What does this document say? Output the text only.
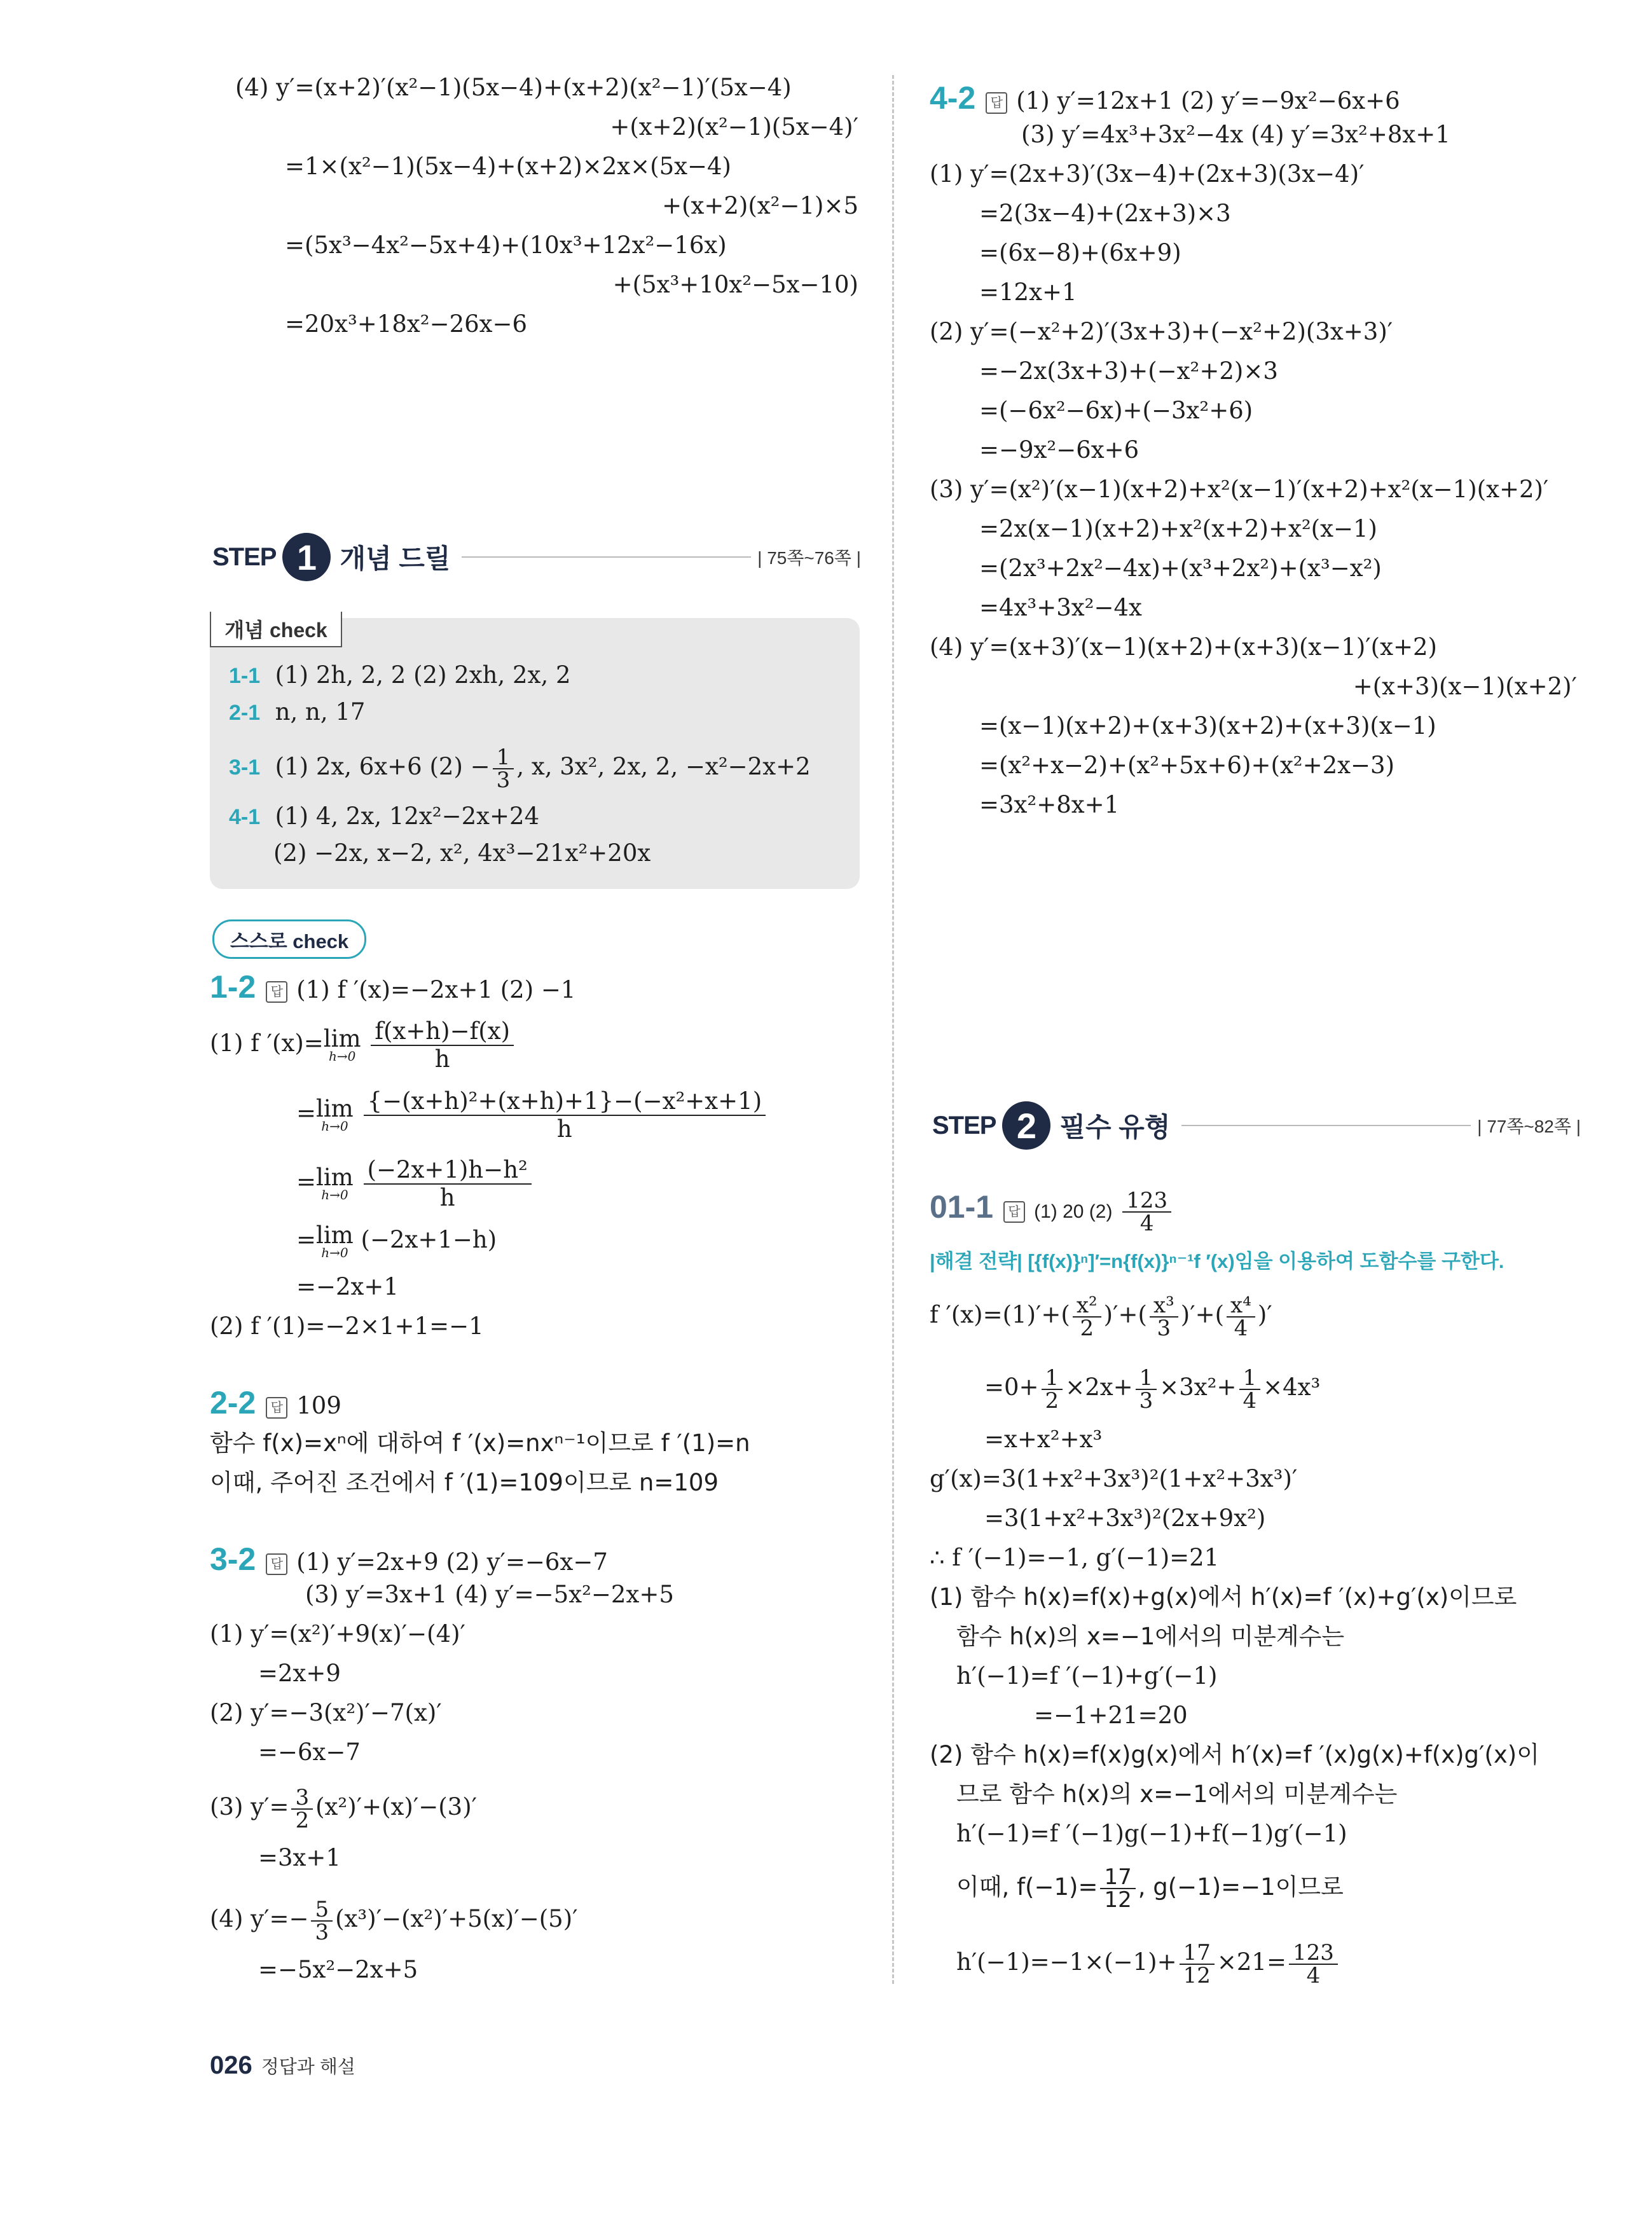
(4) y′=(x+2)′(x²−1)(5x−4)+(x+2)(x²−1)′(5x−4)
+(x+2)(x²−1)(5x−4)′
=1×(x²−1)(5x−4)+(x+2)×2x×(5x−4)
+(x+2)(x²−1)×5
=(5x³−4x²−5x+4)+(10x³+12x²−16x)
+(5x³+10x²−5x−10)
=20x³+18x²−26x−6
STEP 1 개념 드릴	| 75쪽~76쪽 |
개념 check
1-1 (1) 2h, 2, 2 (2) 2xh, 2x, 2
2-1 n, n, 17
3-1 (1) 2x, 6x+6 $(2) - \frac{1}{3}$ , x, 3x², 2x, 2, −x²−2x+2
4-1 (1) 4, 2x, 12x²−2x+24
(2) −2x, x−2, x², 4x³−21x²+20x
스스로 check
1-2 답 (1) f ′(x)=−2x+1 (2) −1
(1) f ′(x)= lim
h→0
$\frac{f(x+h)-f(x)}{h}$
= lim
h→0
$\frac{\text{\{−(x+h)²+(x+h)+1\}−(−x²+x+1)}}{h}$
= lim
h→0
$\frac{\text{(−2x+1)h−h²}}{h}$
= lim
h→0 (−2x+1−h)
=−2x+1
(2) f ′(1)=−2×1+1=−1
2-2 답 109
함수 f(x)=xⁿ에 대하여 f ′(x)=nxⁿ⁻¹이므로 f ′(1)=n
이때, 주어진 조건에서 f ′(1)=109이므로 n=109
3-2 답 (1) y′=2x+9 (2) y′=−6x−7
(3) y′=3x+1 (4) y′=−5x²−2x+5
(1) y′=(x²)′+9(x)′−(4)′
=2x+9
(2) y′=−3(x²)′−7(x)′
=−6x−7
(3) $y'= \frac{3}{2} (x^2)'+(x)'-(3)'$
=3x+1
(4) $y'=- \frac{5}{3} (x^3)'-(x^2)'+5(x)'-(5)'$
=−5x²−2x+5
4-2 답 (1) y′=12x+1 (2) y′=−9x²−6x+6
(3) y′=4x³+3x²−4x (4) y′=3x²+8x+1
(1) y′=(2x+3)′(3x−4)+(2x+3)(3x−4)′
=2(3x−4)+(2x+3)×3
=(6x−8)+(6x+9)
=12x+1
(2) y′=(−x²+2)′(3x+3)+(−x²+2)(3x+3)′
=−2x(3x+3)+(−x²+2)×3
=(−6x²−6x)+(−3x²+6)
=−9x²−6x+6
(3) y′=(x²)′(x−1)(x+2)+x²(x−1)′(x+2)+x²(x−1)(x+2)′
=2x(x−1)(x+2)+x²(x+2)+x²(x−1)
=(2x³+2x²−4x)+(x³+2x²)+(x³−x²)
=4x³+3x²−4x
(4) y′=(x+3)′(x−1)(x+2)+(x+3)(x−1)′(x+2)
+(x+3)(x−1)(x+2)′
=(x−1)(x+2)+(x+3)(x+2)+(x+3)(x−1)
=(x²+x−2)+(x²+5x+6)+(x²+2x−3)
=3x²+8x+1
STEP 2 필수 유형	| 77쪽~82쪽 |
01-1 답 (1) 20 $(2) \frac{123}{4}$
|해결 전략| [{f(x)}ⁿ]′=n{f(x)}ⁿ⁻¹f ′(x)임을 이용하여 도함수를 구한다.
f $'(x)=(1)'+( \frac{\text{x²}}{2}$ )′+( $\frac{\text{x³}}{3}$ )′+( $\frac{\text{x⁴}}{4}$ )′
$=0+ \frac{1}{2} \times 2x+ \frac{1}{3} \times 3x^2+ \frac{1}{4} \times 4x^3$
=x+x²+x³
g′(x)=3(1+x²+3x³)²(1+x²+3x³)′
=3(1+x²+3x³)²(2x+9x²)
∴ f ′(−1)=−1, g′(−1)=21
(1) 함수 h(x)=f(x)+g(x)에서 h′(x)=f ′(x)+g′(x)이므로
함수 h(x)의 x=−1에서의 미분계수는
h′(−1)=f ′(−1)+g′(−1)
=−1+21=20
(2) 함수 h(x)=f(x)g(x)에서 h′(x)=f ′(x)g(x)+f(x)g′(x)이
므로 함수 h(x)의 x=−1에서의 미분계수는
h′(−1)=f ′(−1)g(−1)+f(−1)g′(−1)
이때, $f(-1)= \frac{17}{12}$ , g(−1)=−1이므로
$h'(-1)=-1\times(-1)+ \frac{17}{12} \times 21= \frac{123}{4}$
026 정답과 해설
